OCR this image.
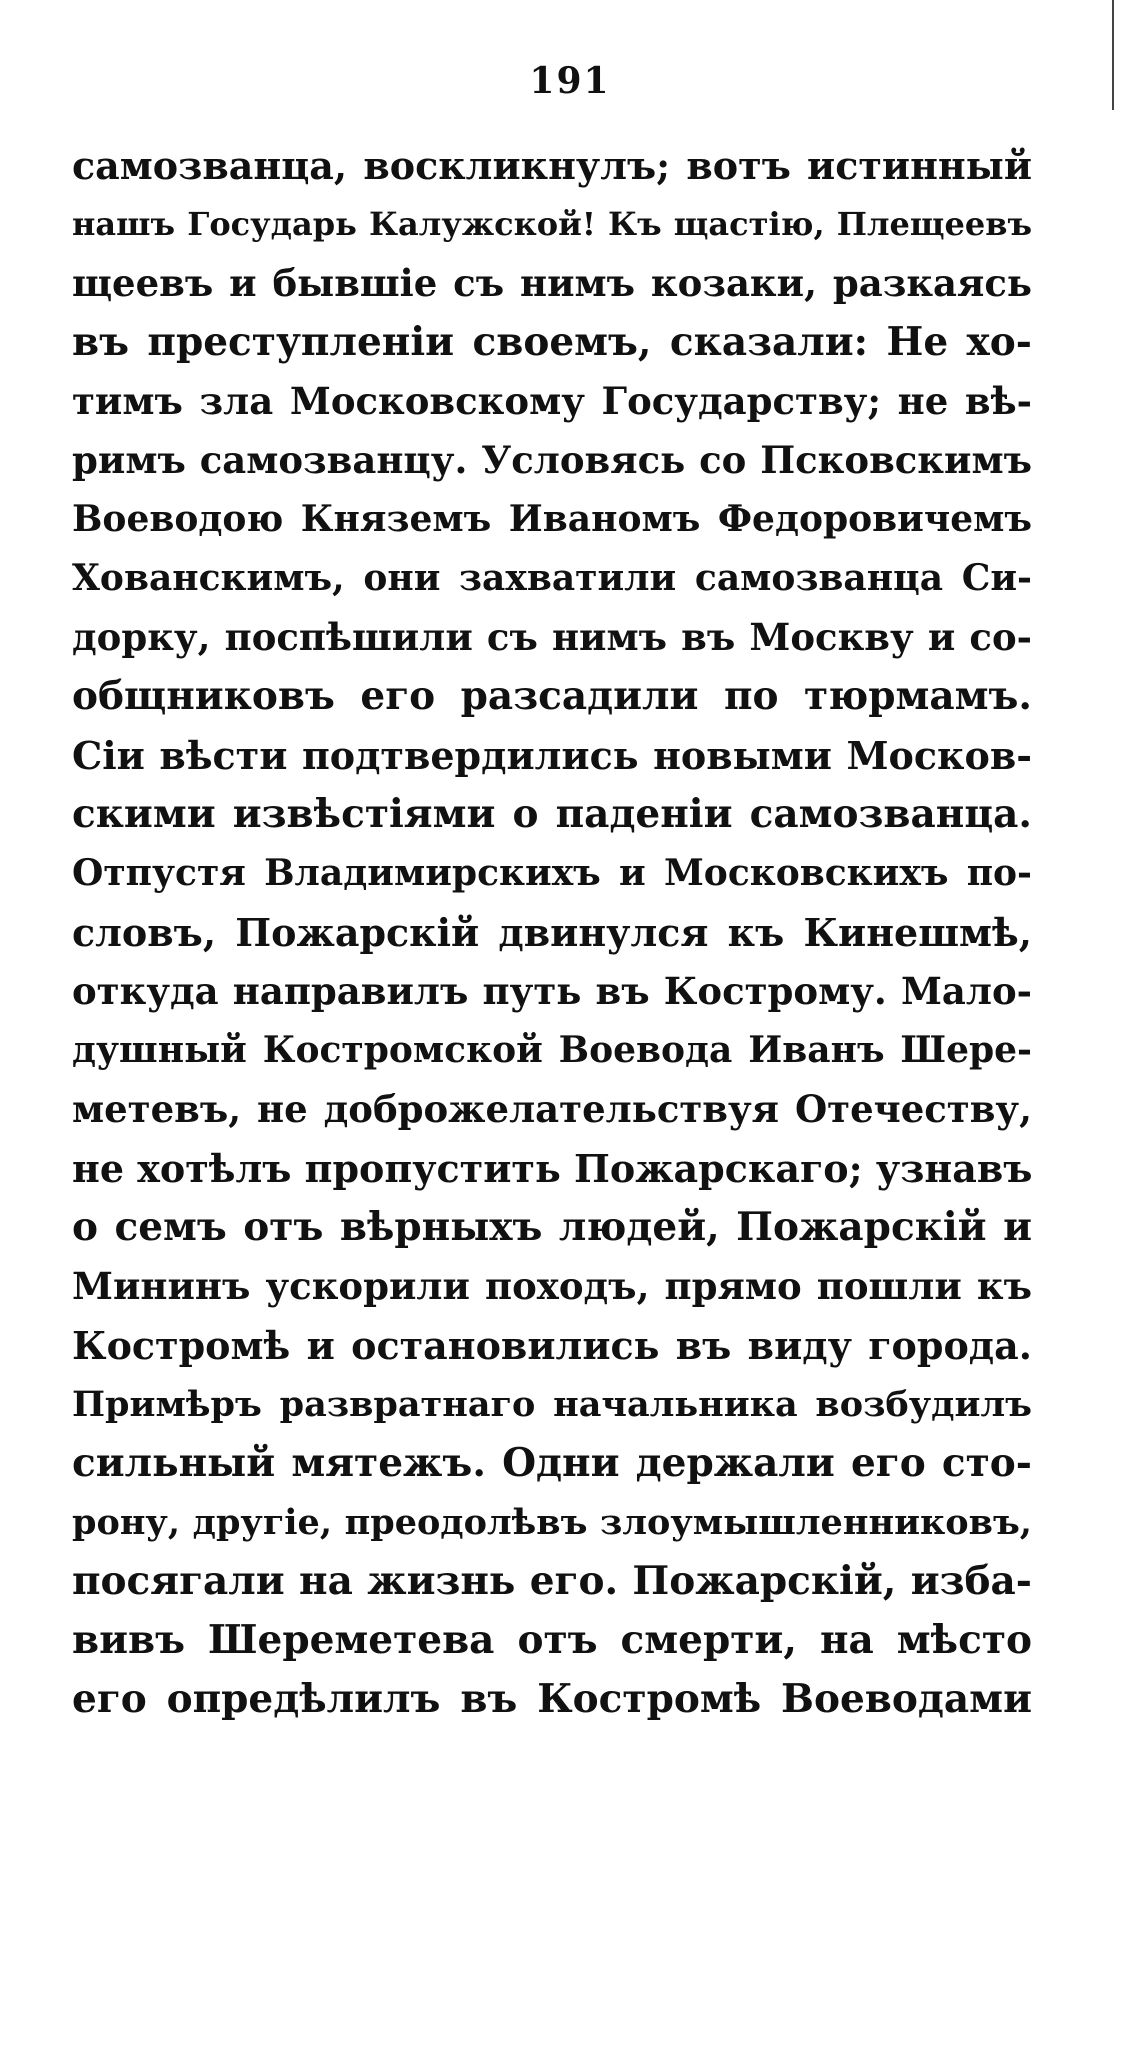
191
самозванца, воскликнулъ; вотъ истинный
нашъ Государь Калужской! Къ щастію, Плещеевъ
щеевъ и бывшіе съ нимъ козаки, разкаясь
въ преступленіи своемъ, сказали: Не хо-
тимъ зла Московскому Государству; не вѣ-
римъ самозванцу. Условясь со Псковскимъ
Воеводою Княземъ Иваномъ Федоровичемъ
Хованскимъ, они захватили самозванца Си-
дорку, поспѣшили съ нимъ въ Москву и со-
общниковъ его разсадили по тюрмамъ.
Сіи вѣсти подтвердились новыми Москов-
скими извѣстіями о паденіи самозванца.
Отпустя Владимирскихъ и Московскихъ по-
словъ, Пожарскій двинулся къ Кинешмѣ,
откуда направилъ путь въ Кострому. Мало-
душный Костромской Воевода Иванъ Шере-
метевъ, не доброжелательствуя Отечеству,
не хотѣлъ пропустить Пожарскаго; узнавъ
о семъ отъ вѣрныхъ людей, Пожарскій и
Мининъ ускорили походъ, прямо пошли къ
Костромѣ и остановились въ виду города.
Примѣръ развратнаго начальника возбудилъ
сильный мятежъ. Одни держали его сто-
рону, другіе, преодолѣвъ злоумышленниковъ,
посягали на жизнь его. Пожарскій, избa-
вивъ Шереметева отъ смерти, на мѣсто
его опредѣлилъ въ Костромѣ Воеводами
